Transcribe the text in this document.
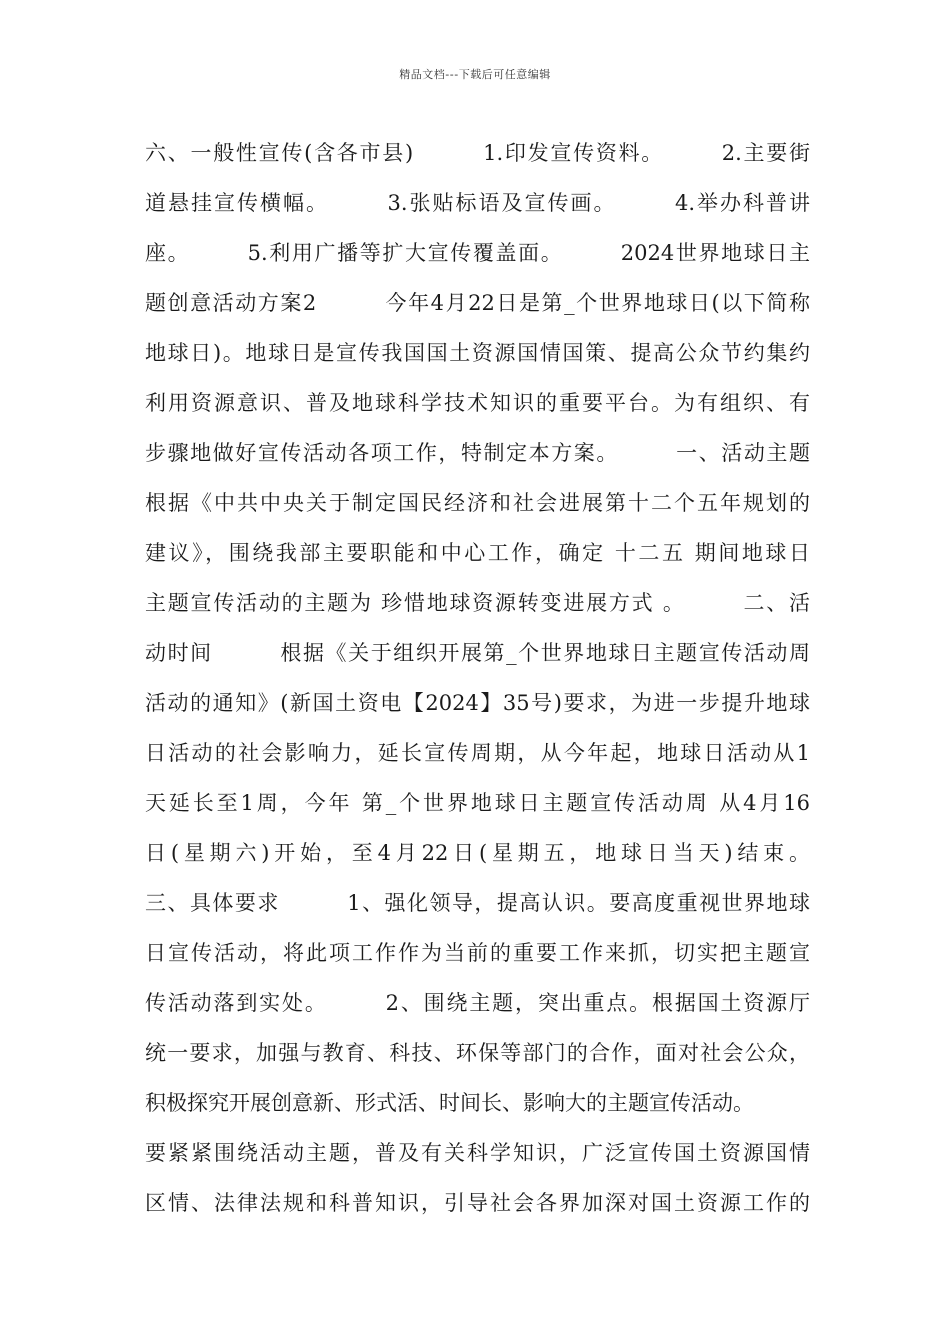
精品文档---下载后可任意编辑
六、一般性宣传(含各市县)　　　1.印发宣传资料。　　　2.主要街
道悬挂宣传横幅。　　　3.张贴标语及宣传画。　　　4.举办科普讲
座。　　　5.利用广播等扩大宣传覆盖面。　　　2024世界地球日主
题创意活动方案2　　　今年4月22日是第_个世界地球日(以下简称
地球日)。地球日是宣传我国国土资源国情国策、提高公众节约集约
利用资源意识、普及地球科学技术知识的重要平台。为有组织、有
步骤地做好宣传活动各项工作，特制定本方案。　　　一、活动主题
根据《中共中央关于制定国民经济和社会进展第十二个五年规划的
建议》，围绕我部主要职能和中心工作，确定 十二五 期间地球日
主题宣传活动的主题为 珍惜地球资源转变进展方式 。　　　二、活
动时间　　　根据《关于组织开展第_个世界地球日主题宣传活动周
活动的通知》(新国土资电【2024】35号)要求，为进一步提升地球
日活动的社会影响力，延长宣传周期，从今年起，地球日活动从1
天延长至1周，今年 第_个世界地球日主题宣传活动周 从4月16
日(星期六)开始，至4月22日(星期五，地球日当天)结束。
三、具体要求　　　1、强化领导，提高认识。要高度重视世界地球
日宣传活动，将此项工作作为当前的重要工作来抓，切实把主题宣
传活动落到实处。　　　2、围绕主题，突出重点。根据国土资源厅
统一要求，加强与教育、科技、环保等部门的合作，面对社会公众，
积极探究开展创意新、形式活、时间长、影响大的主题宣传活动。
要紧紧围绕活动主题，普及有关科学知识，广泛宣传国土资源国情
区情、法律法规和科普知识，引导社会各界加深对国土资源工作的
